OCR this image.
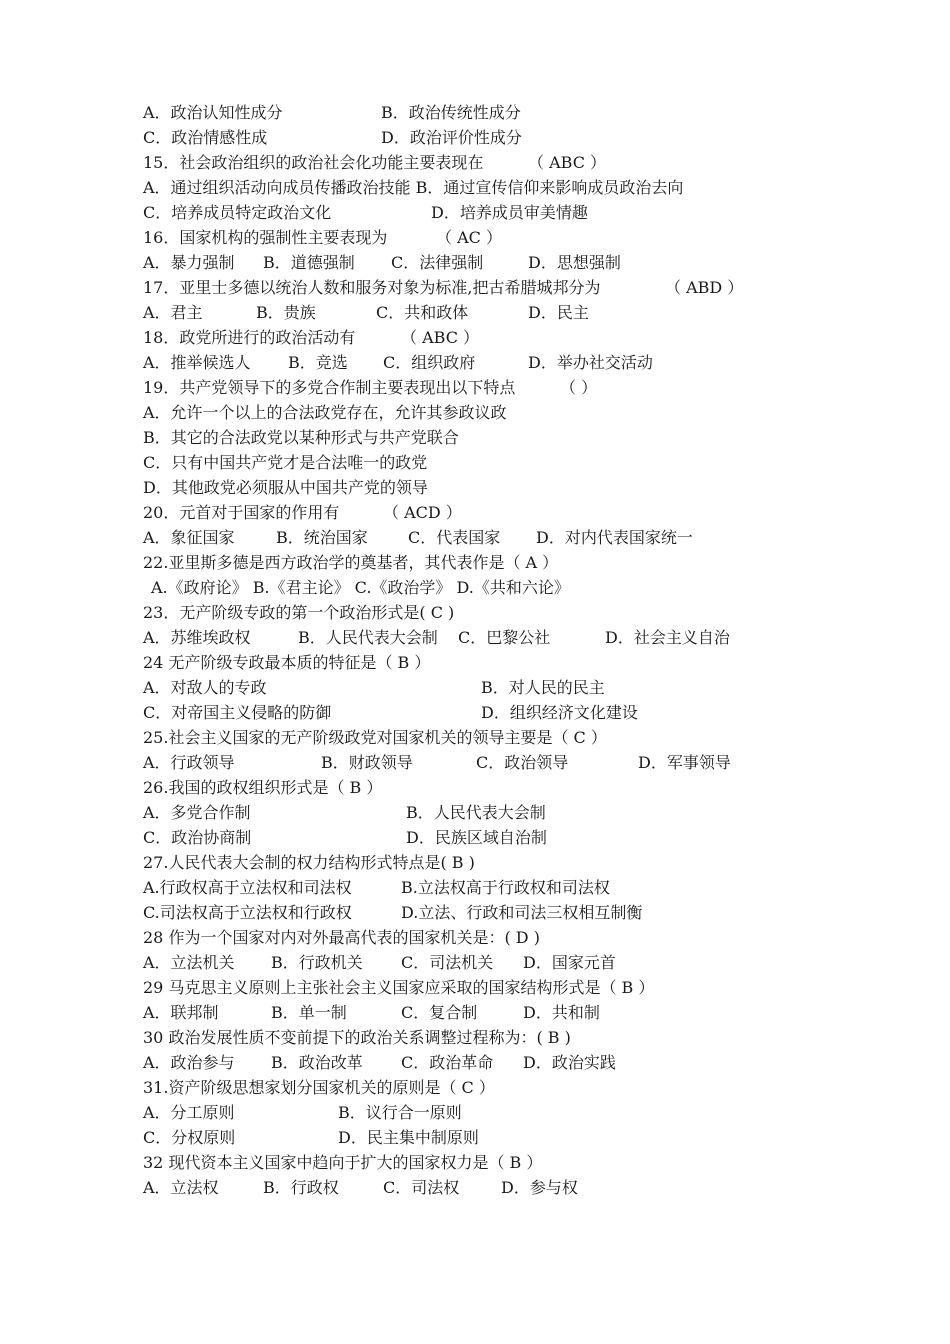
A．政治认知性成分	B．政治传统性成分
C．政治情感性成	D．政治评价性成分
15．社会政治组织的政治社会化功能主要表现在	（ ABC ）
A．通过组织活动向成员传播政治技能 B．通过宣传信仰来影响成员政治去向
C．培养成员特定政治文化	D．培养成员审美情趣
16．国家机构的强制性主要表现为	（ AC ）
A．暴力强制 B．道德强制 C．法律强制	D．思想强制
17．亚里士多德以统治人数和服务对象为标准,把古希腊城邦分为	（ ABD ）
A．君主	B．贵族	C．共和政体	D．民主
18．政党所进行的政治活动有	（ ABC ）
A．推举候选人 B．竞选 C．组织政府	D．举办社交活动
19．共产党领导下的多党合作制主要表现出以下特点	（ ）
A．允许一个以上的合法政党存在，允许其参政议政
B．其它的合法政党以某种形式与共产党联合
C．只有中国共产党才是合法唯一的政党
D．其他政党必须服从中国共产党的领导
20．元首对于国家的作用有	（ ACD ）
A．象征国家	B．统治国家	C．代表国家 D．对内代表国家统一
22.亚里斯多德是西方政治学的奠基者，其代表作是（ A ）
A.《政府论》 B.《君主论》 C.《政治学》 D.《共和六论》
23．无产阶级专政的第一个政治形式是( C )
A．苏维埃政权	B．人民代表大会制 C．巴黎公社	D．社会主义自治
24 无产阶级专政最本质的特征是（ B ）
A．对敌人的专政	B．对人民的民主
C．对帝国主义侵略的防御	D．组织经济文化建设
25.社会主义国家的无产阶级政党对国家机关的领导主要是（ C ）
A．行政领导	B．财政领导	C．政治领导	D．军事领导
26.我国的政权组织形式是（ B ）
A．多党合作制	B．人民代表大会制
C．政治协商制	D．民族区域自治制
27.人民代表大会制的权力结构形式特点是( B )
A.行政权高于立法权和司法权	B.立法权高于行政权和司法权
C.司法权高于立法权和行政权	D.立法、行政和司法三权相互制衡
28 作为一个国家对内对外最高代表的国家机关是：( D )
A．立法机关 B．行政机关 C．司法机关 D．国家元首
29 马克思主义原则上主张社会主义国家应采取的国家结构形式是（ B ）
A．联邦制	B．单一制	C．复合制	D．共和制
30 政治发展性质不变前提下的政治关系调整过程称为：( B )
A．政治参与 B．政治改革 C．政治革命 D．政治实践
31.资产阶级思想家划分国家机关的原则是（ C ）
A．分工原则	B．议行合一原则
C．分权原则	D．民主集中制原则
32 现代资本主义国家中趋向于扩大的国家权力是（ B ）
A．立法权	B．行政权	C．司法权	D．参与权
